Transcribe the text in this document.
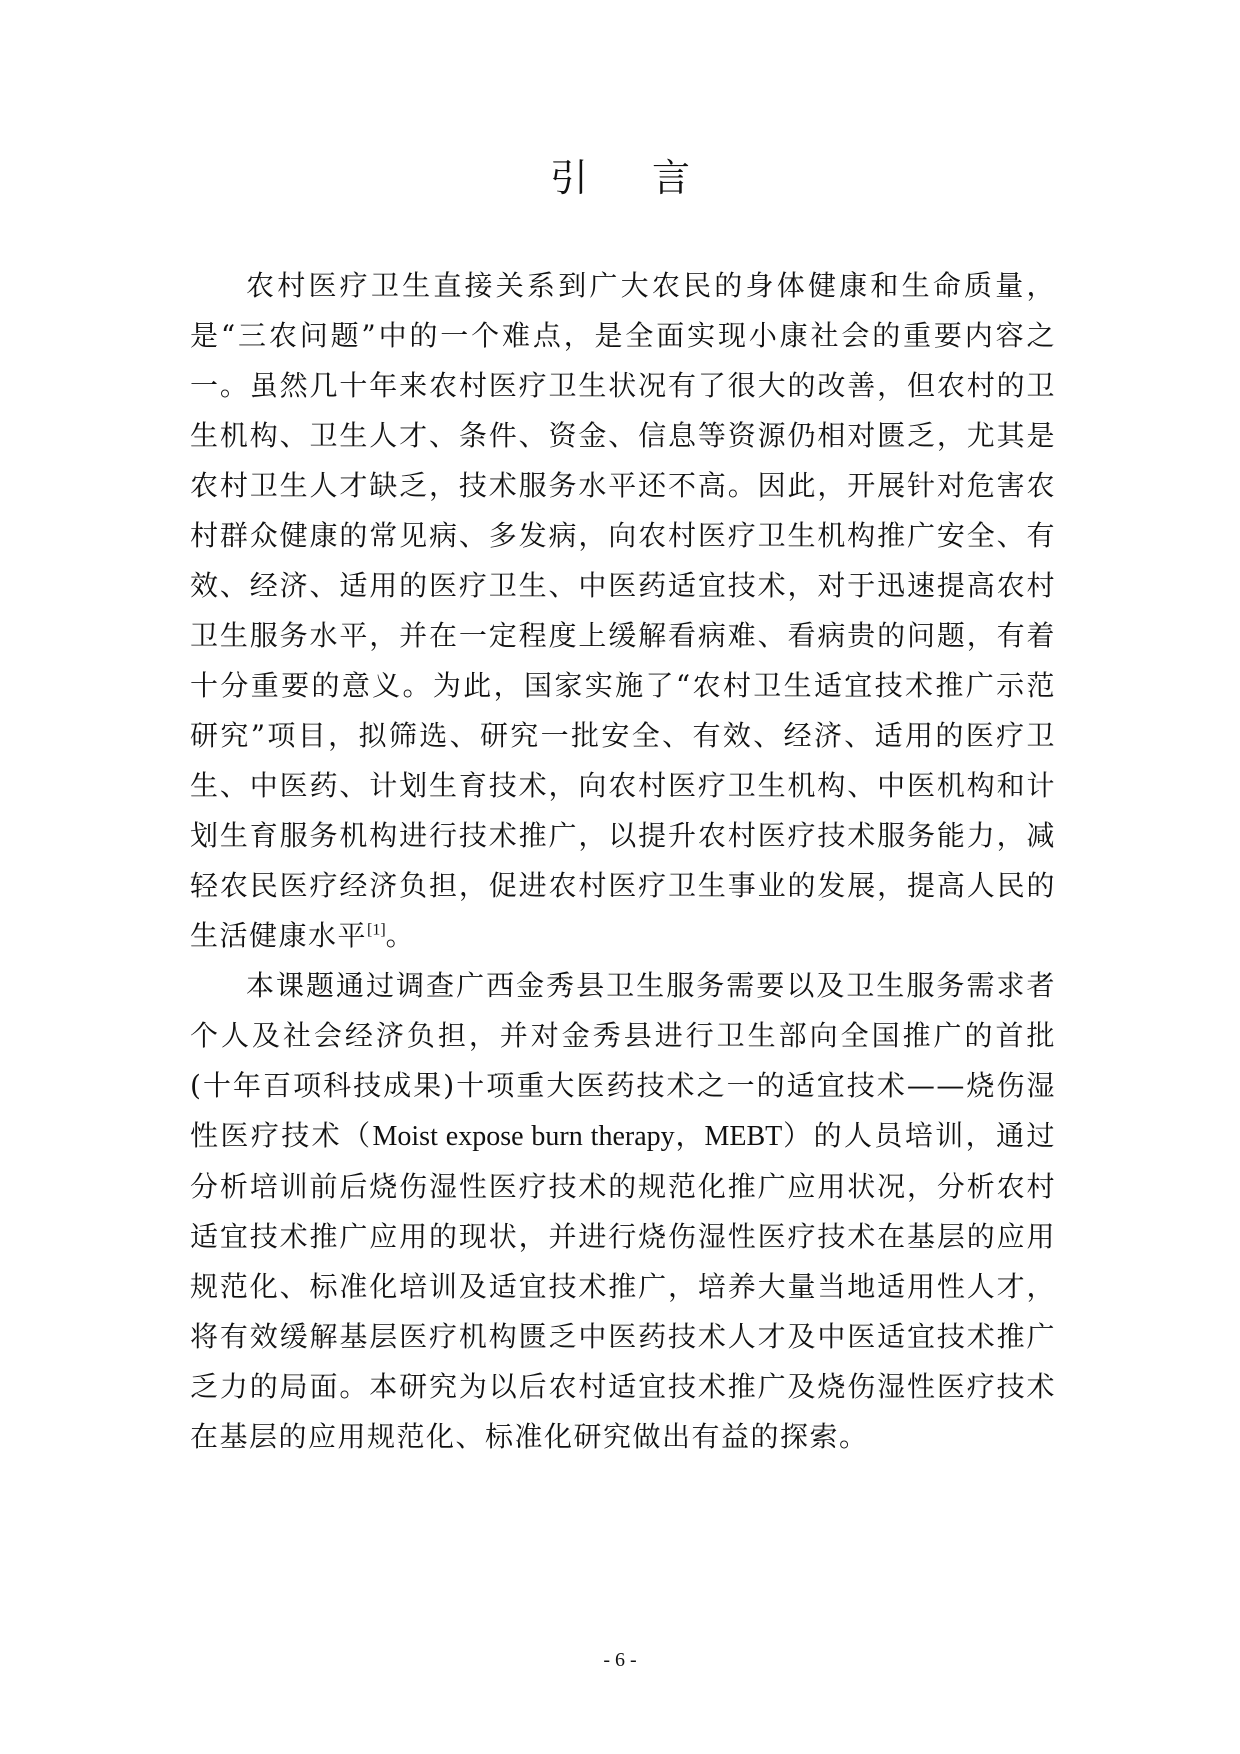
引 言

农村医疗卫生直接关系到广大农民的身体健康和生命质量，是“三农问题”中的一个难点，是全面实现小康社会的重要内容之一。虽然几十年来农村医疗卫生状况有了很大的改善，但农村的卫生机构、卫生人才、条件、资金、信息等资源仍相对匮乏，尤其是农村卫生人才缺乏，技术服务水平还不高。因此，开展针对危害农村群众健康的常见病、多发病，向农村医疗卫生机构推广安全、有效、经济、适用的医疗卫生、中医药适宜技术，对于迅速提高农村卫生服务水平，并在一定程度上缓解看病难、看病贵的问题，有着十分重要的意义。为此，国家实施了“农村卫生适宜技术推广示范研究”项目，拟筛选、研究一批安全、有效、经济、适用的医疗卫生、中医药、计划生育技术，向农村医疗卫生机构、中医机构和计划生育服务机构进行技术推广，以提升农村医疗技术服务能力，减轻农民医疗经济负担，促进农村医疗卫生事业的发展，提高人民的生活健康水平[1]。

本课题通过调查广西金秀县卫生服务需要以及卫生服务需求者个人及社会经济负担，并对金秀县进行卫生部向全国推广的首批(十年百项科技成果)十项重大医药技术之一的适宜技术——烧伤湿性医疗技术（Moist expose burn therapy，MEBT）的人员培训，通过分析培训前后烧伤湿性医疗技术的规范化推广应用状况，分析农村适宜技术推广应用的现状，并进行烧伤湿性医疗技术在基层的应用规范化、标准化培训及适宜技术推广，培养大量当地适用性人才，将有效缓解基层医疗机构匮乏中医药技术人才及中医适宜技术推广乏力的局面。本研究为以后农村适宜技术推广及烧伤湿性医疗技术在基层的应用规范化、标准化研究做出有益的探索。

- 6 -
